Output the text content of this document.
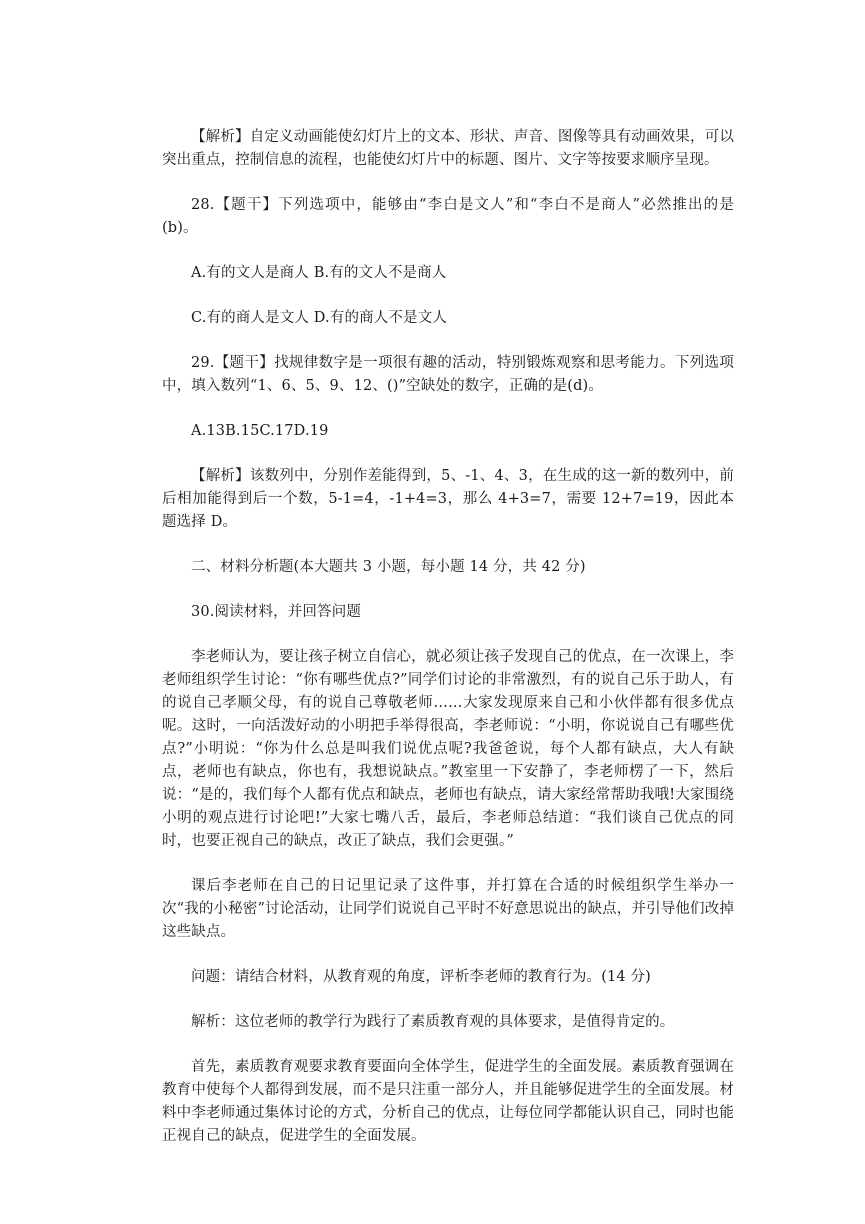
【解析】自定义动画能使幻灯片上的文本、形状、声音、图像等具有动画效果，可以突出重点，控制信息的流程，也能使幻灯片中的标题、图片、文字等按要求顺序呈现。

28.【题干】下列选项中，能够由“李白是文人”和“李白不是商人”必然推出的是(b)。

A.有的文人是商人 B.有的文人不是商人

C.有的商人是文人 D.有的商人不是文人

29.【题干】找规律数字是一项很有趣的活动，特别锻炼观察和思考能力。下列选项中，填入数列“1、6、5、9、12、()”空缺处的数字，正确的是(d)。

A.13B.15C.17D.19

【解析】该数列中，分别作差能得到，5、-1、4、3，在生成的这一新的数列中，前后相加能得到后一个数，5-1=4，-1+4=3，那么 4+3=7，需要 12+7=19，因此本题选择 D。

二、材料分析题(本大题共 3 小题，每小题 14 分，共 42 分)

30.阅读材料，并回答问题

李老师认为，要让孩子树立自信心，就必须让孩子发现自己的优点，在一次课上，李老师组织学生讨论：“你有哪些优点?”同学们讨论的非常激烈，有的说自己乐于助人，有的说自己孝顺父母，有的说自己尊敬老师……大家发现原来自己和小伙伴都有很多优点呢。这时，一向活泼好动的小明把手举得很高，李老师说：“小明，你说说自己有哪些优点?”小明说：“你为什么总是叫我们说优点呢?我爸爸说，每个人都有缺点，大人有缺点，老师也有缺点，你也有，我想说缺点。”教室里一下安静了，李老师楞了一下，然后说：“是的，我们每个人都有优点和缺点，老师也有缺点，请大家经常帮助我哦!大家围绕小明的观点进行讨论吧!”大家七嘴八舌，最后，李老师总结道：“我们谈自己优点的同时，也要正视自己的缺点，改正了缺点，我们会更强。”

课后李老师在自己的日记里记录了这件事，并打算在合适的时候组织学生举办一次“我的小秘密”讨论活动，让同学们说说自己平时不好意思说出的缺点，并引导他们改掉这些缺点。

问题：请结合材料，从教育观的角度，评析李老师的教育行为。(14 分)

解析：这位老师的教学行为践行了素质教育观的具体要求，是值得肯定的。

首先，素质教育观要求教育要面向全体学生，促进学生的全面发展。素质教育强调在教育中使每个人都得到发展，而不是只注重一部分人，并且能够促进学生的全面发展。材料中李老师通过集体讨论的方式，分析自己的优点，让每位同学都能认识自己，同时也能正视自己的缺点，促进学生的全面发展。
